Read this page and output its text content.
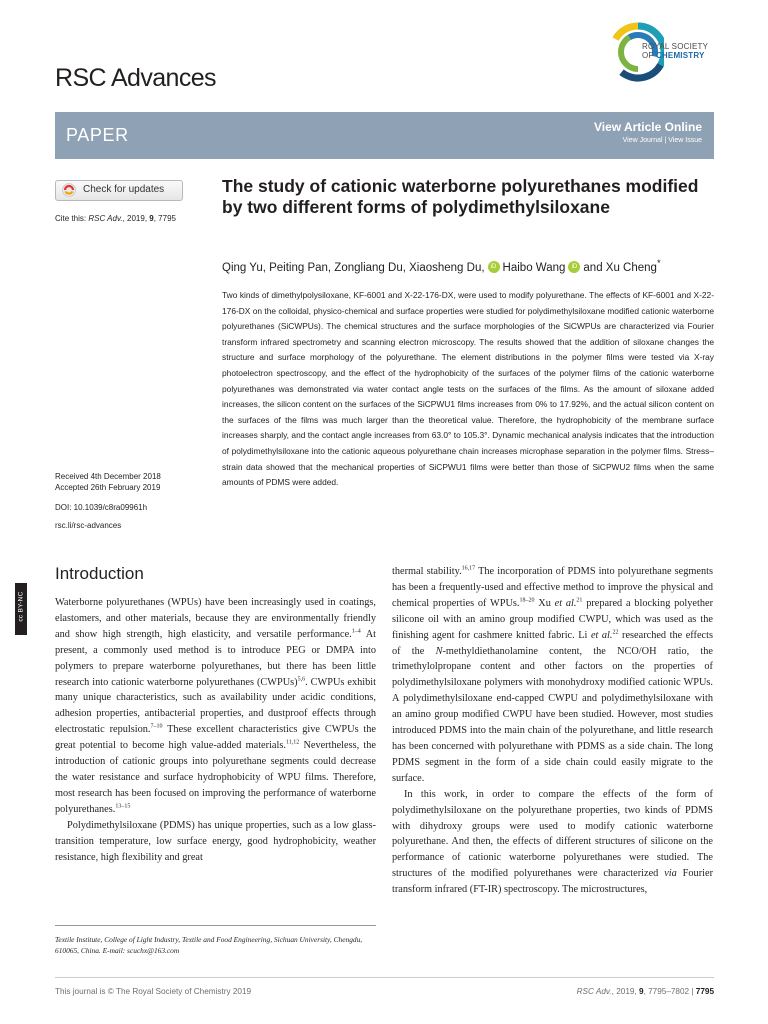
RSC Advances
ROYAL SOCIETY
OF CHEMISTRY
PAPER	View Article Online
View Journal | View Issue
Check for updates
Cite this: RSC Adv., 2019, 9, 7795
Received 4th December 2018
Accepted 26th February 2019
DOI: 10.1039/c8ra09961h
rsc.li/rsc-advances
cc BY-NC
The study of cationic waterborne polyurethanes modified by two different forms of polydimethylsiloxane
Qing Yu, Peiting Pan, Zongliang Du, Xiaosheng Du, iD Haibo Wang iD and Xu Cheng*
Two kinds of dimethylpolysiloxane, KF-6001 and X-22-176-DX, were used to modify polyurethane. The effects of KF-6001 and X-22-176-DX on the colloidal, physico-chemical and surface properties were studied for polydimethylsiloxane modified cationic waterborne polyurethanes (SiCWPUs). The chemical structures and the surface morphologies of the SiCWPUs are characterized via Fourier transform infrared spectrometry and scanning electron microscopy. The results showed that the addition of siloxane changes the structure and surface morphology of the polyurethane. The element distributions in the polymer films were tested via X-ray photoelectron spectroscopy, and the effect of the hydrophobicity of the surfaces of the polymer films of the cationic waterborne polyurethanes was demonstrated via water contact angle tests on the surfaces of the films. As the amount of siloxane added increases, the silicon content on the surfaces of the SiCPWU1 films increases from 0% to 17.92%, and the actual silicon content on the surfaces of the films was much larger than the theoretical value. Therefore, the hydrophobicity of the membrane surface increases sharply, and the contact angle increases from 63.0° to 105.3°. Dynamic mechanical analysis indicates that the introduction of polydimethylsiloxane into the cationic aqueous polyurethane chain increases microphase separation in the polymer films. Stress–strain data showed that the mechanical properties of SiCPWU1 films were better than those of SiCPWU2 films when the same amounts of PDMS were added.
Introduction

Waterborne polyurethanes (WPUs) have been increasingly used in coatings, elastomers, and other materials, because they are environmentally friendly and show high strength, high elasticity, and versatile performance.$^{1-4}$ At present, a commonly used method is to introduce PEG or DMPA into polymers to prepare waterborne polyurethanes, but there has been little research into cationic waterborne polyurethanes (CWPUs)$^{5,6}$. CWPUs exhibit many unique characteristics, such as availability under acidic conditions, adhesion properties, antibacterial properties, and dustproof effects through electrostatic repulsion.$^{7-10}$ These excellent characteristics give CWPUs the great potential to become high value-added materials.$^{11,12}$ Nevertheless, the introduction of cationic groups into polyurethane segments could decrease the water resistance and surface hydrophobicity of WPU films. Therefore, most research has been focused on improving the performance of waterborne polyurethanes.$^{13-15}$

Polydimethylsiloxane (PDMS) has unique properties, such as a low glass-transition temperature, low surface energy, good hydrophobicity, weather resistance, high flexibility and great

thermal stability.$^{16,17}$ The incorporation of PDMS into polyurethane segments has been a frequently-used and effective method to improve the physical and chemical properties of WPUs.$^{18-20}$ Xu et al.$^{21}$ prepared a blocking polyether silicone oil with an amino group modified CWPU, which was used as the finishing agent for cashmere knitted fabric. Li et al.$^{22}$ researched the effects of the N-methyldiethanolamine content, the NCO/OH ratio, the trimethylolpropane content and other factors on the properties of polydimethylsiloxane polymers with monohydroxy modified cationic WPUs. A polydimethylsiloxane end-capped CWPU and polydimethylsiloxane with an amino group modified CWPU have been studied. However, most studies introduced PDMS into the main chain of the polyurethane, and little research has been concerned with polyurethane with PDMS as a side chain. The long PDMS segment in the form of a side chain could easily migrate to the surface.

In this work, in order to compare the effects of the form of polydimethylsiloxane on the polyurethane properties, two kinds of PDMS with dihydroxy groups were used to modify cationic waterborne polyurethane. And then, the effects of different structures of silicone on the performance of cationic waterborne polyurethanes were studied. The structures of the modified polyurethanes were characterized via Fourier transform infrared (FT-IR) spectroscopy. The microstructures,

Textile Institute, College of Light Industry, Textile and Food Engineering, Sichuan University, Chengdu, 610065, China. E-mail: scuchx@163.com
This journal is © The Royal Society of Chemistry 2019	RSC Adv., 2019, 9, 7795–7802 | 7795
